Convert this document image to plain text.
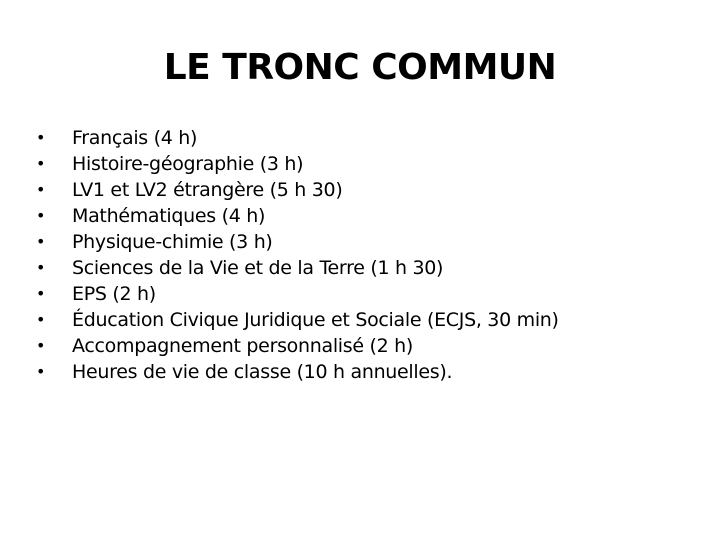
LE TRONC COMMUN
•	Français (4 h)
•	Histoire-géographie (3 h)
•	LV1 et LV2 étrangère (5 h 30)
•	Mathématiques (4 h)
•	Physique-chimie (3 h)
•	Sciences de la Vie et de la Terre (1 h 30)
•	EPS (2 h)
•	Éducation Civique Juridique et Sociale (ECJS, 30 min)
•	Accompagnement personnalisé (2 h)
•	Heures de vie de classe (10 h annuelles).
